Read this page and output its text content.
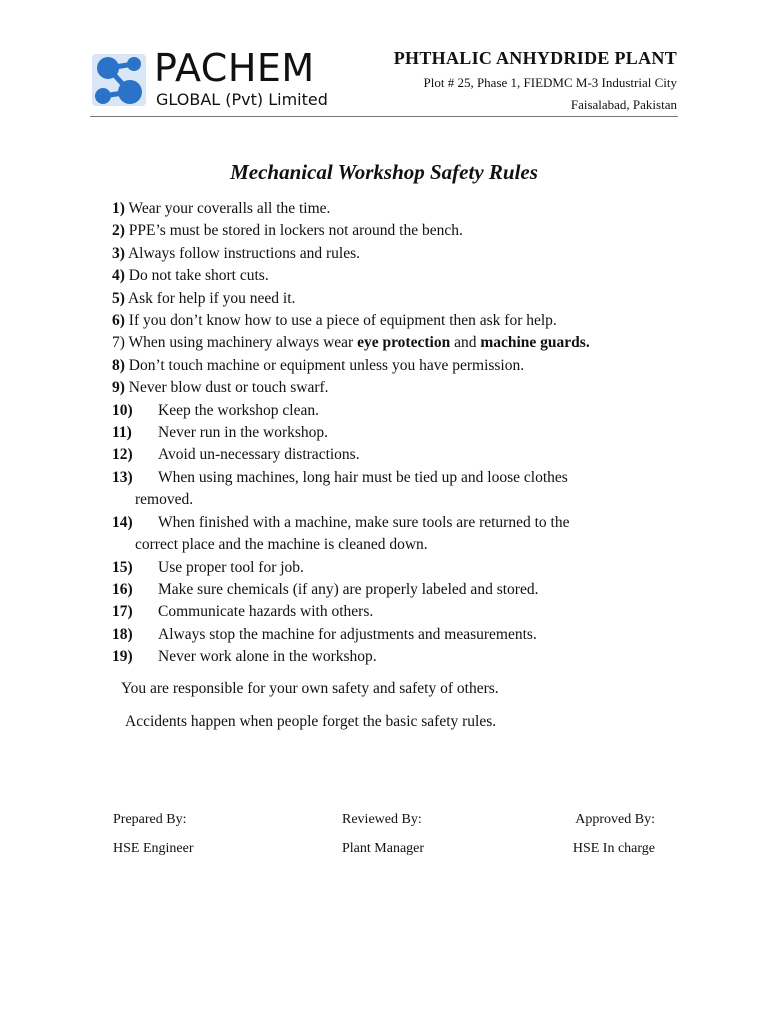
PACHEM
GLOBAL (Pvt) Limited
PHTHALIC ANHYDRIDE PLANT
Plot # 25, Phase 1, FIEDMC M-3 Industrial City
Faisalabad, Pakistan
Mechanical Workshop Safety Rules
1) Wear your coveralls all the time.
2) PPE’s must be stored in lockers not around the bench.
3) Always follow instructions and rules.
4) Do not take short cuts.
5) Ask for help if you need it.
6) If you don’t know how to use a piece of equipment then ask for help.
7) When using machinery always wear eye protection and machine guards.
8) Don’t touch machine or equipment unless you have permission.
9) Never blow dust or touch swarf.
10) Keep the workshop clean.
11) Never run in the workshop.
12) Avoid un-necessary distractions.
13) When using machines, long hair must be tied up and loose clothes
removed.
14) When finished with a machine, make sure tools are returned to the
correct place and the machine is cleaned down.
15) Use proper tool for job.
16) Make sure chemicals (if any) are properly labeled and stored.
17) Communicate hazards with others.
18) Always stop the machine for adjustments and measurements.
19) Never work alone in the workshop.
You are responsible for your own safety and safety of others.
Accidents happen when people forget the basic safety rules.
Prepared By:	Reviewed By:	Approved By:
HSE Engineer	Plant Manager	HSE In charge
